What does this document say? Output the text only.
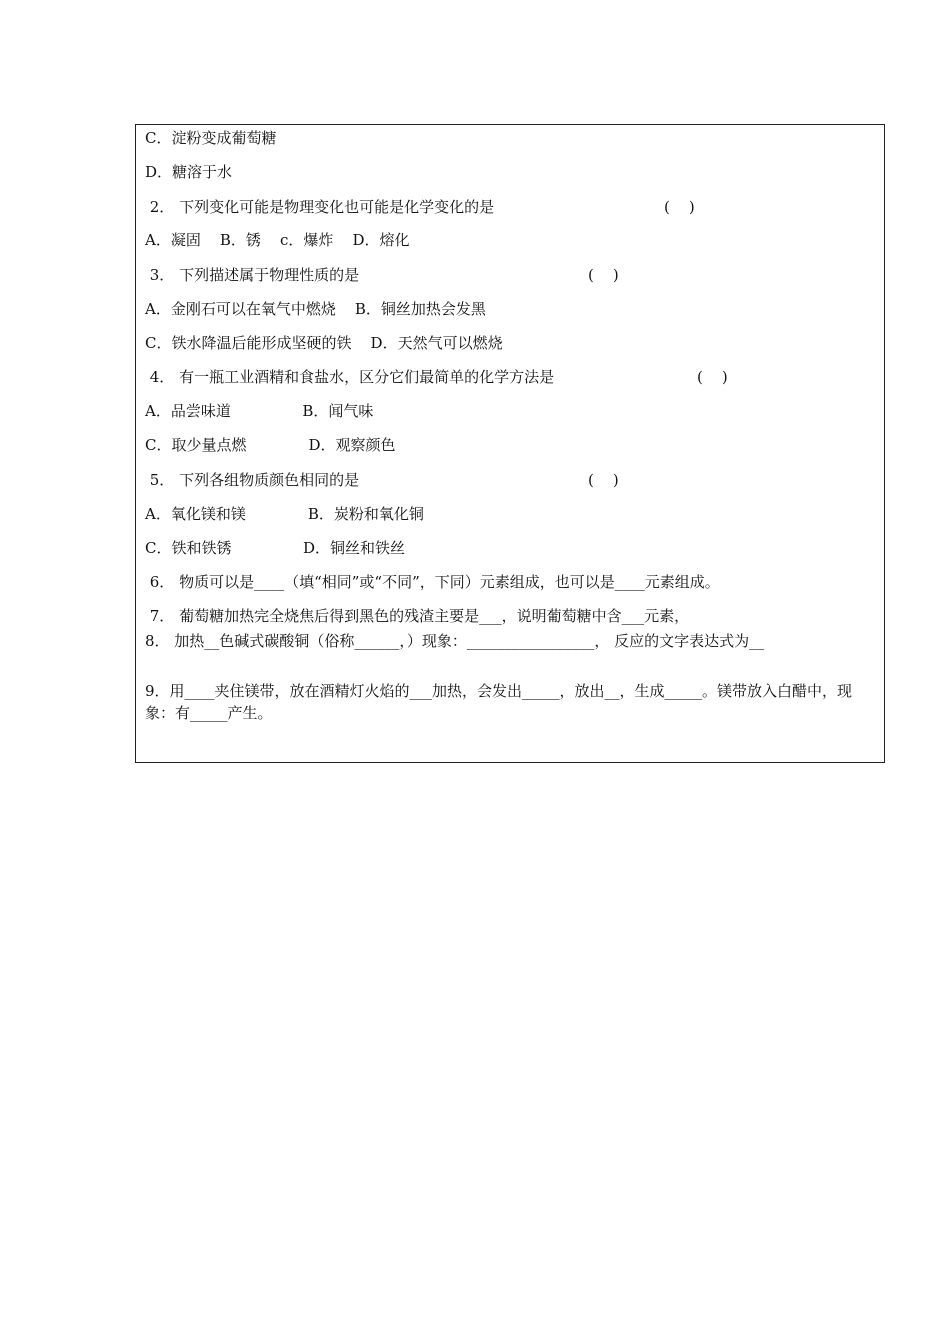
C．淀粉变成葡萄糖
D．糖溶于水
2． 下列变化可能是物理变化也可能是化学变化的是	(    )
A．凝固    B．锈    c．爆炸    D．熔化
3． 下列描述属于物理性质的是	(    )
A．金刚石可以在氧气中燃烧    B．铜丝加热会发黑
C．铁水降温后能形成坚硬的铁    D．天然气可以燃烧
4． 有一瓶工业酒精和食盐水，区分它们最简单的化学方法是	(    )
A．品尝味道               B．闻气味
C．取少量点燃             D．观察颜色
5． 下列各组物质颜色相同的是	(    )
A．氧化镁和镁             B．炭粉和氧化铜
C．铁和铁锈               D．铜丝和铁丝
6． 物质可以是____（填“相同”或“不同”，下同）元素组成，也可以是____元素组成。
7． 葡萄糖加热完全烧焦后得到黑色的残渣主要是___，说明葡萄糖中含___元素，
8． 加热__色碱式碳酸铜（俗称______，）现象：_________________， 反应的文字表达式为__
9．用____夹住镁带，放在酒精灯火焰的___加热，会发出_____，放出__，生成_____。镁带放入白醋中，现象：有_____产生。
